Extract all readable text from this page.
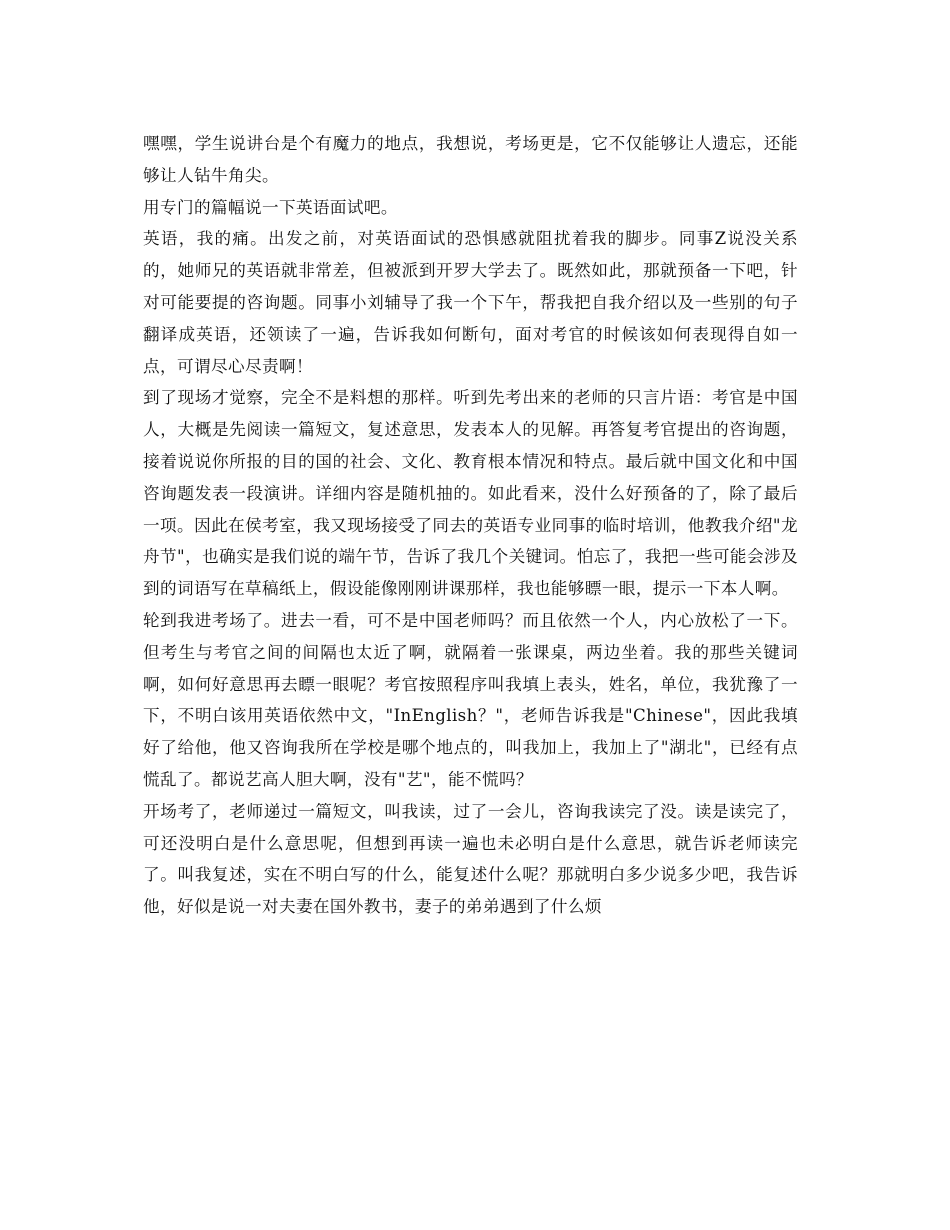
嘿嘿，学生说讲台是个有魔力的地点，我想说，考场更是，它不仅能够让人遗忘，还能够让人钻牛角尖。

用专门的篇幅说一下英语面试吧。

英语，我的痛。出发之前，对英语面试的恐惧感就阻扰着我的脚步。同事Z说没关系的，她师兄的英语就非常差，但被派到开罗大学去了。既然如此，那就预备一下吧，针对可能要提的咨询题。同事小刘辅导了我一个下午，帮我把自我介绍以及一些别的句子翻译成英语，还领读了一遍，告诉我如何断句，面对考官的时候该如何表现得自如一点，可谓尽心尽责啊！

到了现场才觉察，完全不是料想的那样。听到先考出来的老师的只言片语：考官是中国人，大概是先阅读一篇短文，复述意思，发表本人的见解。再答复考官提出的咨询题，接着说说你所报的目的国的社会、文化、教育根本情况和特点。最后就中国文化和中国咨询题发表一段演讲。详细内容是随机抽的。如此看来，没什么好预备的了，除了最后一项。因此在侯考室，我又现场接受了同去的英语专业同事的临时培训，他教我介绍"龙舟节"，也确实是我们说的端午节，告诉了我几个关键词。怕忘了，我把一些可能会涉及到的词语写在草稿纸上，假设能像刚刚讲课那样，我也能够瞟一眼，提示一下本人啊。

轮到我进考场了。进去一看，可不是中国老师吗？而且依然一个人，内心放松了一下。但考生与考官之间的间隔也太近了啊，就隔着一张课桌，两边坐着。我的那些关键词啊，如何好意思再去瞟一眼呢？考官按照程序叫我填上表头，姓名，单位，我犹豫了一下，不明白该用英语依然中文，"InEnglish？"，老师告诉我是"Chinese"，因此我填好了给他，他又咨询我所在学校是哪个地点的，叫我加上，我加上了"湖北"，已经有点慌乱了。都说艺高人胆大啊，没有"艺"，能不慌吗？

开场考了，老师递过一篇短文，叫我读，过了一会儿，咨询我读完了没。读是读完了，可还没明白是什么意思呢，但想到再读一遍也未必明白是什么意思，就告诉老师读完了。叫我复述，实在不明白写的什么，能复述什么呢？那就明白多少说多少吧，我告诉他，好似是说一对夫妻在国外教书，妻子的弟弟遇到了什么烦
